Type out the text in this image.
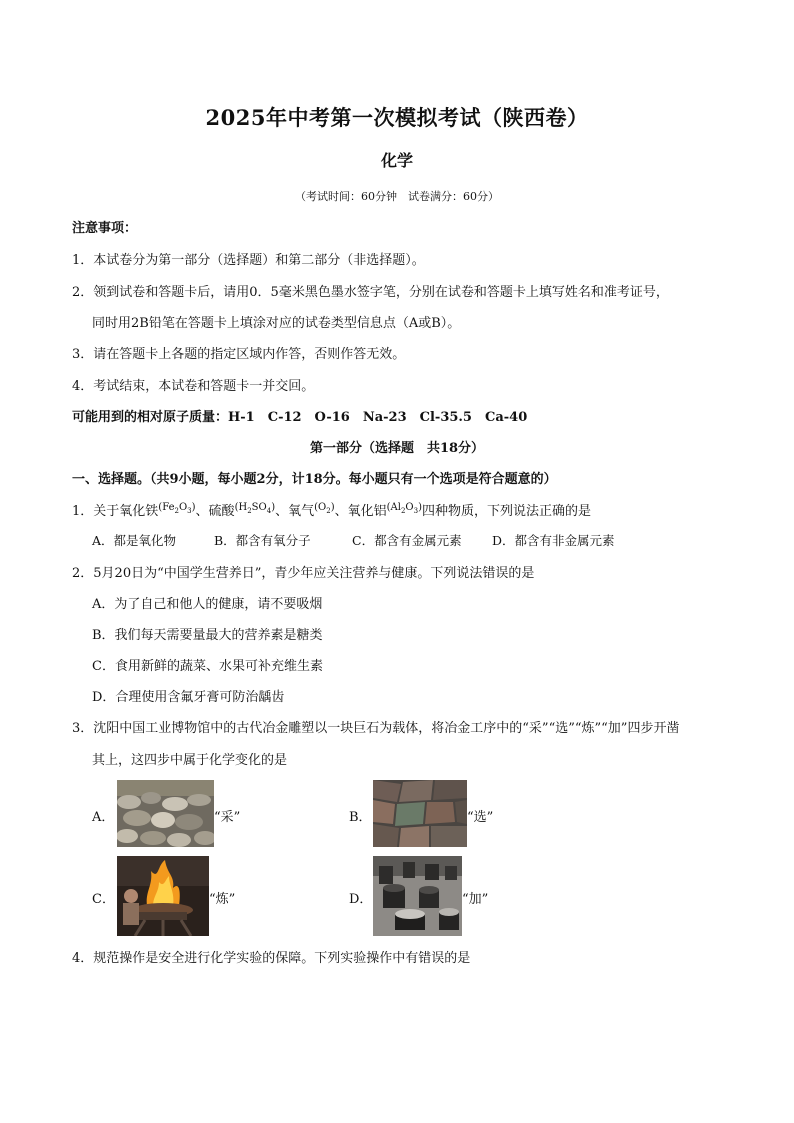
2025年中考第一次模拟考试（陕西卷）
化学
（考试时间：60分钟　试卷满分：60分）
注意事项：
1．本试卷分为第一部分（选择题）和第二部分（非选择题）。
2．领到试卷和答题卡后，请用0．5毫米黑色墨水签字笔，分别在试卷和答题卡上填写姓名和准考证号，
同时用2B铅笔在答题卡上填涂对应的试卷类型信息点（A或B）。
3．请在答题卡上各题的指定区域内作答，否则作答无效。
4．考试结束，本试卷和答题卡一并交回。
可能用到的相对原子质量：H-1　C-12　O-16　Na-23　Cl-35.5　Ca-40
第一部分（选择题　共18分）
一、选择题。（共9小题，每小题2分，计18分。每小题只有一个选项是符合题意的）
1．关于氧化铁$^{(Fe_2O_3)}$、硫酸$^{(H_2SO_4)}$、氧气$^{(O_2)}$、氧化铝$^{(Al_2O_3)}$四种物质，下列说法正确的是
A．都是氧化物	B．都含有氧分子	C．都含有金属元素 D．都含有非金属元素
2．5月20日为“中国学生营养日”，青少年应关注营养与健康。下列说法错误的是
A．为了自己和他人的健康，请不要吸烟
B．我们每天需要量最大的营养素是糖类
C．食用新鲜的蔬菜、水果可补充维生素
D．合理使用含氟牙膏可防治龋齿
3．沈阳中国工业博物馆中的古代冶金雕塑以一块巨石为载体，将冶金工序中的“采”“选”“炼”“加”四步开凿
其上，这四步中属于化学变化的是
A．	“采”	B．	“选”
C．	“炼”	D．	“加”
4．规范操作是安全进行化学实验的保障。下列实验操作中有错误的是
